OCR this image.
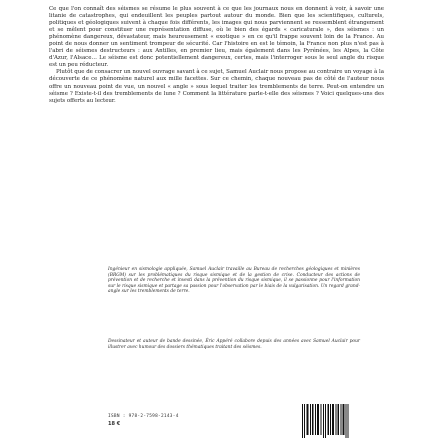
Ce que l'on connaît des séismes se résume le plus souvent à ce que les journaux nous en donnent à voir, à savoir une litanie de catastrophes, qui endeuillent les peuples partout autour du monde. Bien que les scientifiques, culturels, politiques et géologiques suivent à chaque fois différents, les images qui nous parviennent se ressemblent étrangement et se mêlent pour constituer une représentation diffuse, où le bien des égards « caricaturale », des séismes : un phénomène dangereux, dévastateur, mais heureusement « exotique » en ce qu'il frappe souvent loin de la France. Au point de nous donner un sentiment trompeur de sécurité. Car l'histoire en est le témoin, la France non plus n'est pas à l'abri de séismes destructeurs : aux Antilles, en premier lieu, mais également dans les Pyrénées, les Alpes, la Côte d'Azur, l'Alsace… Le séisme est donc potentiellement dangereux, certes, mais l'interroger sous le seul angle du risque est un peu réducteur.

Plutôt que de consacrer un nouvel ouvrage savant à ce sujet, Samuel Auclair nous propose au contraire un voyage à la découverte de ce phénomène naturel aux mille facettes. Sur ce chemin, chaque nouveau pas de côté de l'auteur nous offre un nouveau point de vue, un nouvel « angle » sous lequel traiter les tremblements de terre. Peut-on entendre un séisme ? Existe-t-il des tremblements de lune ? Comment la littérature parle-t-elle des séismes ? Voici quelques-uns des sujets offerts au lecteur.

Ingénieur en sismologie appliquée, Samuel Auclair travaille au Bureau de recherches géologiques et minières (BRGM) sur les problématiques du risque sismique et de la gestion de crise. Conducteur des actions de prévention et de recherche et investi dans la prévention du risque sismique, il se passionne pour l'information sur le risque sismique et partage sa passion pour l'observation par le biais de la vulgarisation. Un regard grand-angle sur les tremblements de terre.

Dessinateur et auteur de bande dessinée, Éric Appéré collabore depuis des années avec Samuel Auclair pour illustrer avec humour des dossiers thématiques traitant des séismes.

ISBN : 978-2-7598-2143-4
18 €
